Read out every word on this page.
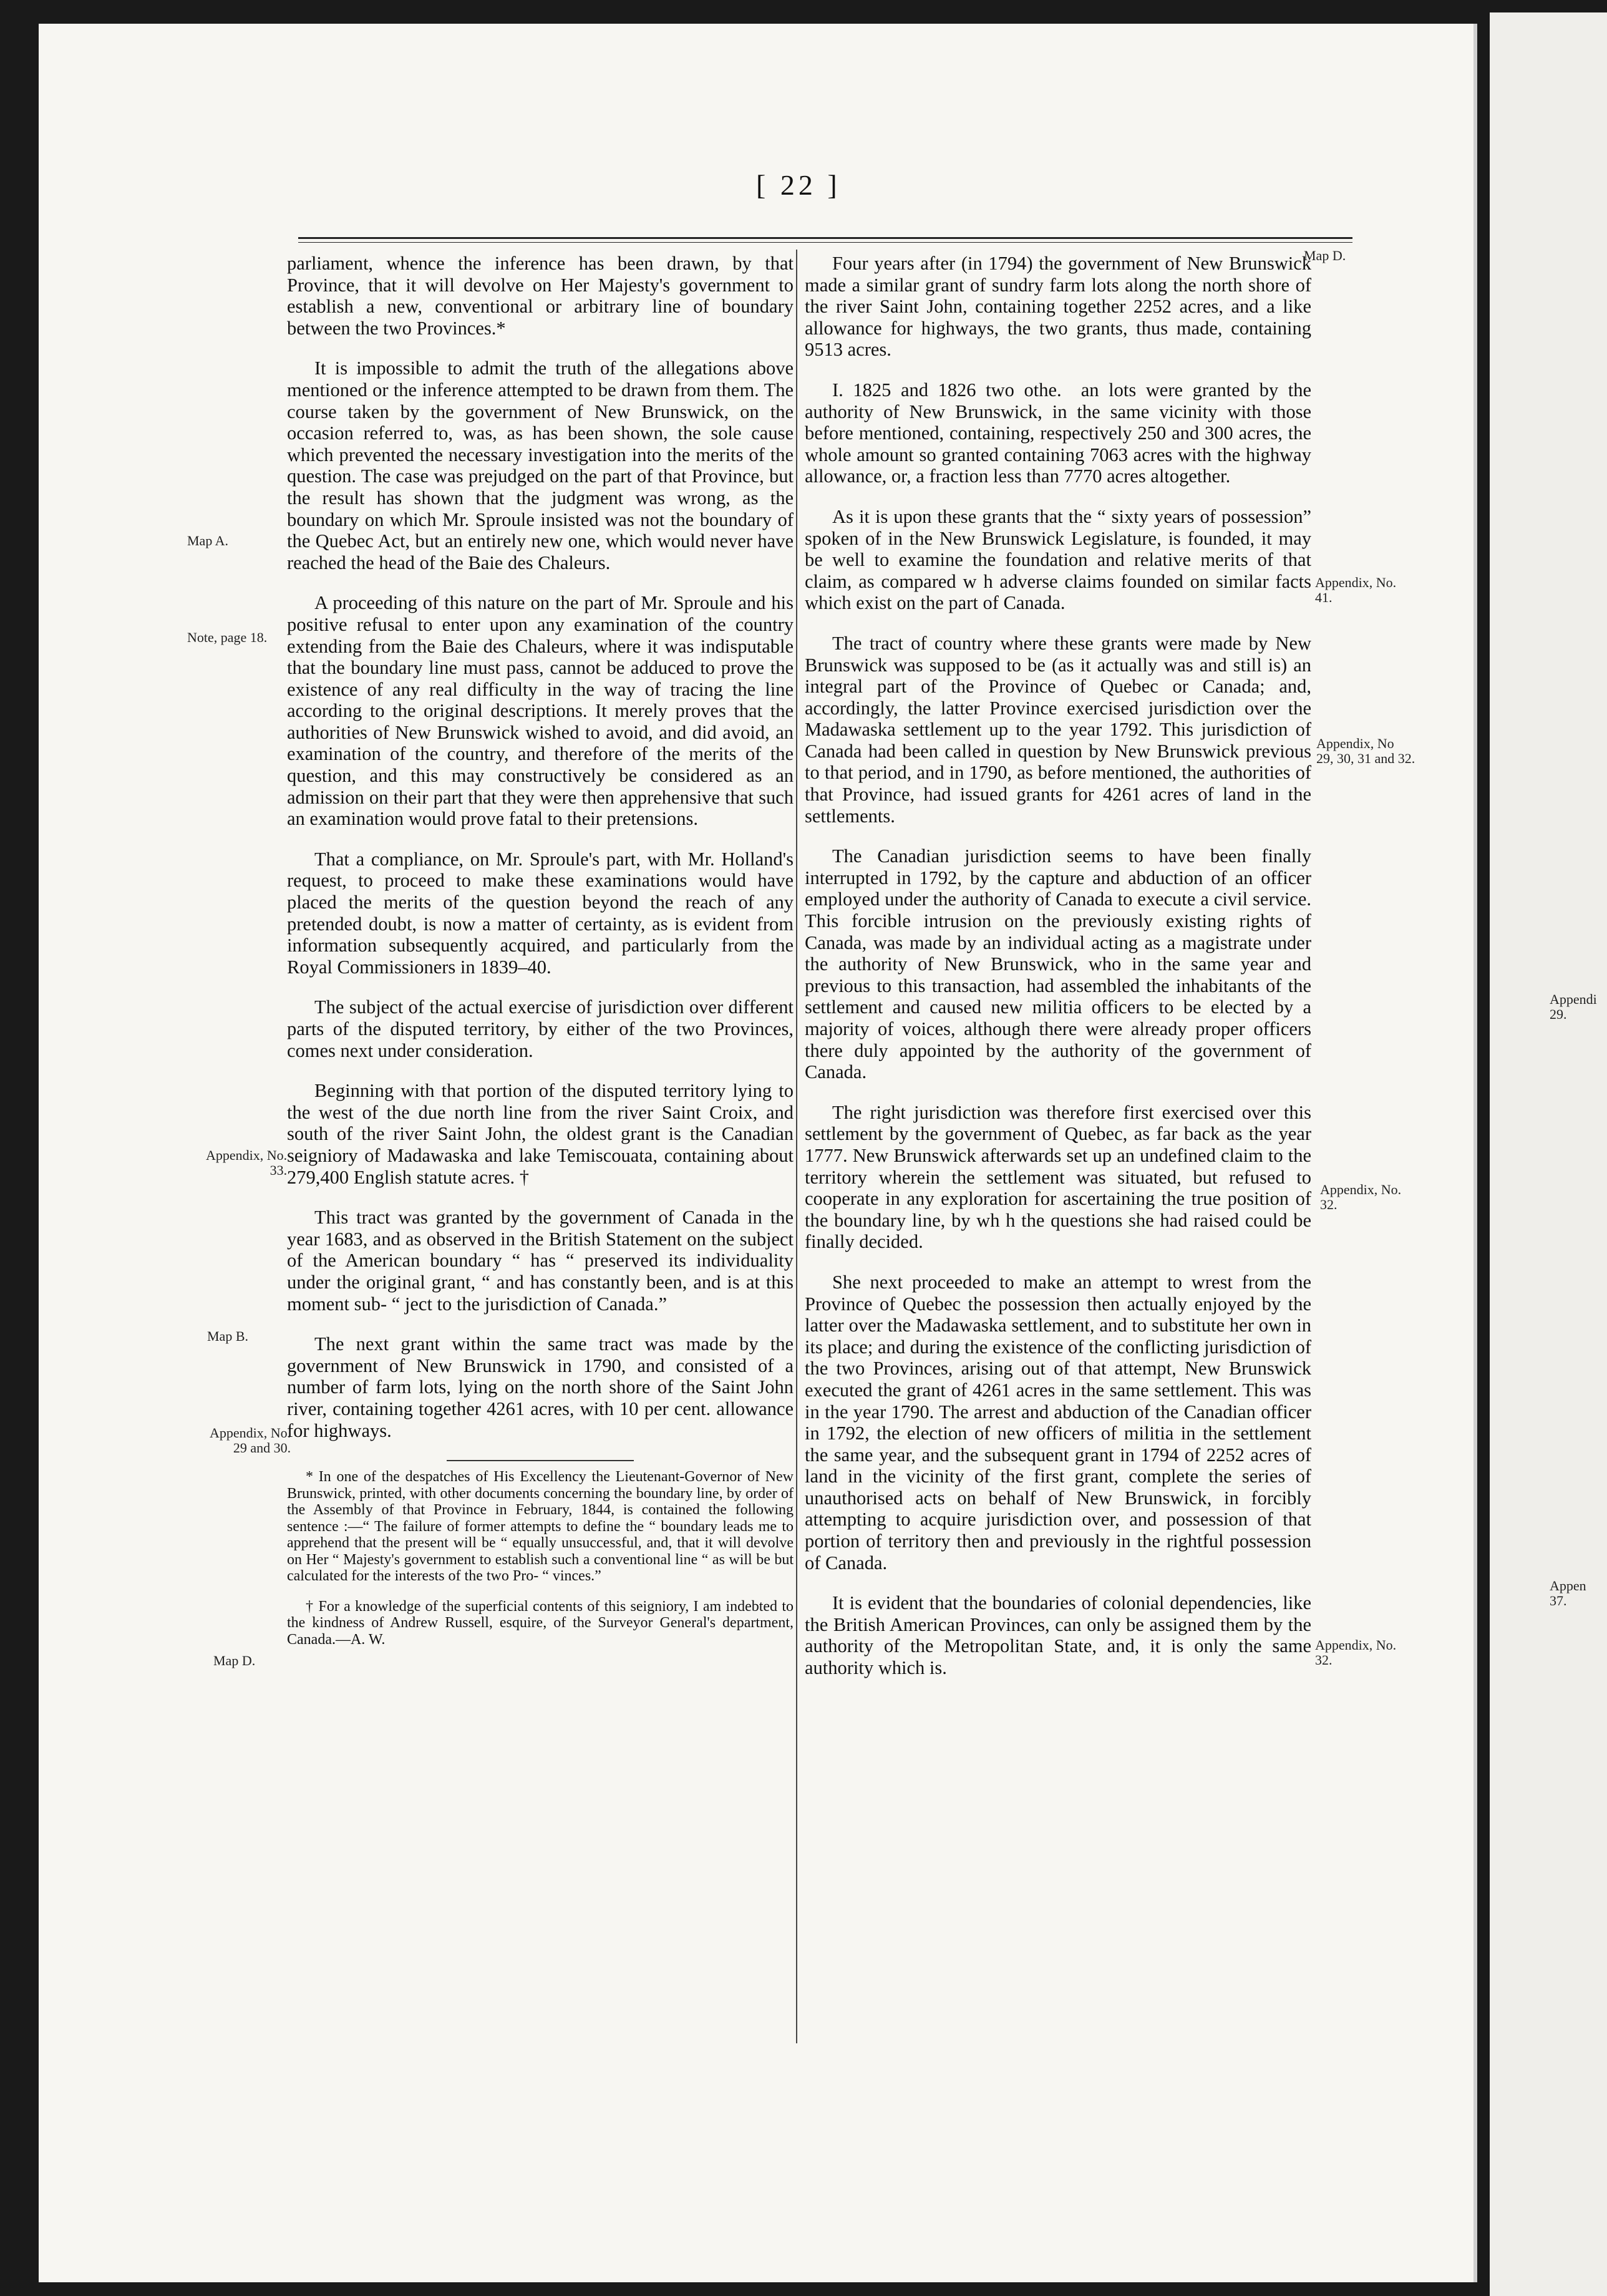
Appendi
29.
Appen
37.
[ 22 ]

parliament, whence the inference has been drawn, by that Province, that it will devolve on Her Majesty's government to establish a new, conventional or arbitrary line of boundary between the two Provinces.*

It is impossible to admit the truth of the allegations above mentioned or the inference attempted to be drawn from them. The course taken by the government of New Brunswick, on the occasion referred to, was, as has been shown, the sole cause which prevented the necessary investigation into the merits of the question. The case was prejudged on the part of that Province, but the result has shown that the judgment was wrong, as the boundary on which Mr. Sproule insisted was not the boundary of the Quebec Act, but an entirely new one, which would never have reached the head of the Baie des Chaleurs.

A proceeding of this nature on the part of Mr. Sproule and his positive refusal to enter upon any examination of the country extending from the Baie des Chaleurs, where it was indisputable that the boundary line must pass, cannot be adduced to prove the existence of any real difficulty in the way of tracing the line according to the original descriptions. It merely proves that the authorities of New Brunswick wished to avoid, and did avoid, an examination of the country, and therefore of the merits of the question, and this may constructively be considered as an admission on their part that they were then apprehensive that such an examination would prove fatal to their pretensions.

That a compliance, on Mr. Sproule's part, with Mr. Holland's request, to proceed to make these examinations would have placed the merits of the question beyond the reach of any pretended doubt, is now a matter of certainty, as is evident from information subsequently acquired, and particularly from the Royal Commissioners in 1839–40.

The subject of the actual exercise of jurisdiction over different parts of the disputed territory, by either of the two Provinces, comes next under consideration.

Beginning with that portion of the disputed territory lying to the west of the due north line from the river Saint Croix, and south of the river Saint John, the oldest grant is the Canadian seigniory of Madawaska and lake Temiscouata, containing about 279,400 English statute acres. †

This tract was granted by the government of Canada in the year 1683, and as observed in the British Statement on the subject of the American boundary “ has “ preserved its individuality under the original grant, “ and has constantly been, and is at this moment sub- “ ject to the jurisdiction of Canada.”

The next grant within the same tract was made by the government of New Brunswick in 1790, and consisted of a number of farm lots, lying on the north shore of the Saint John river, containing together 4261 acres, with 10 per cent. allowance for highways.

* In one of the despatches of His Excellency the Lieutenant-Governor of New Brunswick, printed, with other documents concerning the boundary line, by order of the Assembly of that Province in February, 1844, is contained the following sentence :—“ The failure of former attempts to define the “ boundary leads me to apprehend that the present will be “ equally unsuccessful, and, that it will devolve on Her “ Majesty's government to establish such a conventional line “ as will be but calculated for the interests of the two Pro- “ vinces.”

† For a knowledge of the superficial contents of this seigniory, I am indebted to the kindness of Andrew Russell, esquire, of the Surveyor General's department, Canada.—A. W.

Four years after (in 1794) the government of New Brunswick made a similar grant of sundry farm lots along the north shore of the river Saint John, containing together 2252 acres, and a like allowance for highways, the two grants, thus made, containing 9513 acres.

I. 1825 and 1826 two othe.  an lots were granted by the authority of New Brunswick, in the same vicinity with those before mentioned, containing, respectively 250 and 300 acres, the whole amount so granted containing 7063 acres with the highway allowance, or, a fraction less than 7770 acres altogether.

As it is upon these grants that the “ sixty years of possession” spoken of in the New Brunswick Legislature, is founded, it may be well to examine the foundation and relative merits of that claim, as compared w h adverse claims founded on similar facts which exist on the part of Canada.

The tract of country where these grants were made by New Brunswick was supposed to be (as it actually was and still is) an integral part of the Province of Quebec or Canada; and, accordingly, the latter Province exercised jurisdiction over the Madawaska settlement up to the year 1792. This jurisdiction of Canada had been called in question by New Brunswick previous to that period, and in 1790, as before mentioned, the authorities of that Province, had issued grants for 4261 acres of land in the settlements.

The Canadian jurisdiction seems to have been finally interrupted in 1792, by the capture and abduction of an officer employed under the authority of Canada to execute a civil service. This forcible intrusion on the previously existing rights of Canada, was made by an individual acting as a magistrate under the authority of New Brunswick, who in the same year and previous to this transaction, had assembled the inhabitants of the settlement and caused new militia officers to be elected by a majority of voices, although there were already proper officers there duly appointed by the authority of the government of Canada.

The right jurisdiction was therefore first exercised over this settlement by the government of Quebec, as far back as the year 1777. New Brunswick afterwards set up an undefined claim to the territory wherein the settlement was situated, but refused to cooperate in any exploration for ascertaining the true position of the boundary line, by wh h the questions she had raised could be finally decided.

She next proceeded to make an attempt to wrest from the Province of Quebec the possession then actually enjoyed by the latter over the Madawaska settlement, and to substitute her own in its place; and during the existence of the conflicting jurisdiction of the two Provinces, arising out of that attempt, New Brunswick executed the grant of 4261 acres in the same settlement. This was in the year 1790. The arrest and abduction of the Canadian officer in 1792, the election of new officers of militia in the settlement the same year, and the subsequent grant in 1794 of 2252 acres of land in the vicinity of the first grant, complete the series of unauthorised acts on behalf of New Brunswick, in forcibly attempting to acquire jurisdiction over, and possession of that portion of territory then and previously in the rightful possession of Canada.

It is evident that the boundaries of colonial dependencies, like the British American Provinces, can only be assigned them by the authority of the Metropolitan State, and, it is only the same authority which is.

Map A.
Note, page 18.
Appendix, No.
33.
Map B.
Appendix, No.
29 and 30.
Map D.
Map D.
Appendix, No.
41.
Appendix, No
29, 30, 31 and 32.
Appendix, No.
32.
Appendix, No.
32.
